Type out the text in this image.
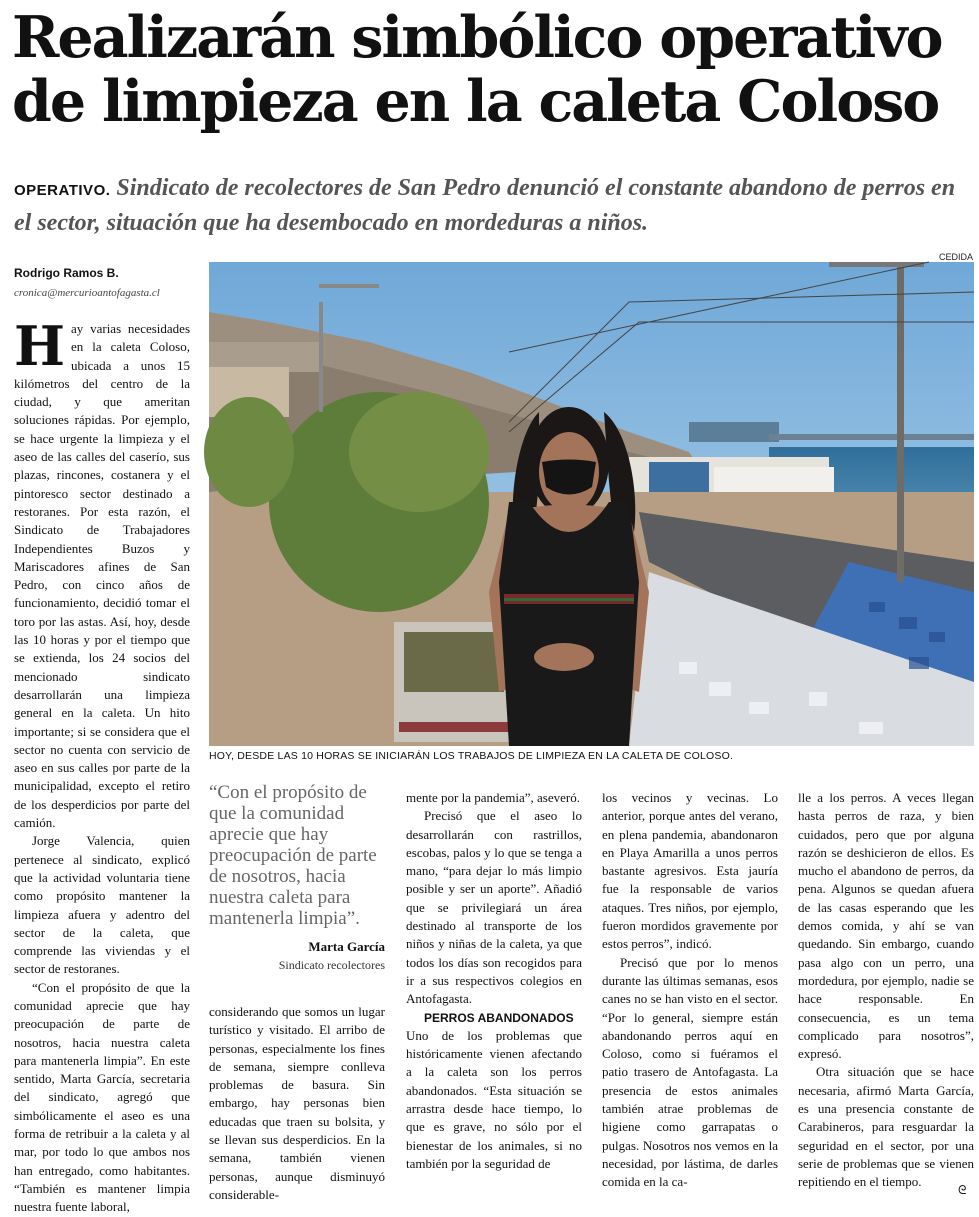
Realizarán simbólico operativo
de limpieza en la caleta Coloso

OPERATIVO. Sindicato de recolectores de San Pedro denunció el constante abandono de perros en el sector, situación que ha desembocado en mordeduras a niños.

CEDIDA
Rodrigo Ramos B.
cronica@mercurioantofagasta.cl

Hay varias necesidades en la caleta Coloso, ubicada a unos 15 kilómetros del centro de la ciudad, y que ameritan soluciones rápidas. Por ejemplo, se hace urgente la limpieza y el aseo de las calles del caserío, sus plazas, rincones, costanera y el pintoresco sector destinado a restoranes. Por esta razón, el Sindicato de Trabajadores Independientes Buzos y Mariscadores afines de San Pedro, con cinco años de funcionamiento, decidió tomar el toro por las astas. Así, hoy, desde las 10 horas y por el tiempo que se extienda, los 24 socios del mencionado sindicato desarrollarán una limpieza general en la caleta. Un hito importante; si se considera que el sector no cuenta con servicio de aseo en sus calles por parte de la municipalidad, excepto el retiro de los desperdicios por parte del camión.

Jorge Valencia, quien pertenece al sindicato, explicó que la actividad voluntaria tiene como propósito mantener la limpieza afuera y adentro del sector de la caleta, que comprende las viviendas y el sector de restoranes.

“Con el propósito de que la comunidad aprecie que hay preocupación de parte de nosotros, hacia nuestra caleta para mantenerla limpia”. En este sentido, Marta García, secretaria del sindicato, agregó que simbólicamente el aseo es una forma de retribuir a la caleta y al mar, por todo lo que ambos nos han entregado, como habitantes. “También es mantener limpia nuestra fuente laboral,

HOY, DESDE LAS 10 HORAS SE INICIARÁN LOS TRABAJOS DE LIMPIEZA EN LA CALETA DE COLOSO.

“Con el propósito de que la comunidad aprecie que hay preocupación de parte de nosotros, hacia nuestra caleta para mantenerla limpia”.

Marta García
Sindicato recolectores

considerando que somos un lugar turístico y visitado. El arribo de personas, especialmente los fines de semana, siempre conlleva problemas de basura. Sin embargo, hay personas bien educadas que traen su bolsita, y se llevan sus desperdicios. En la semana, también vienen personas, aunque disminuyó considerable-

mente por la pandemia”, aseveró.

Precisó que el aseo lo desarrollarán con rastrillos, escobas, palos y lo que se tenga a mano, “para dejar lo más limpio posible y ser un aporte”. Añadió que se privilegiará un área destinado al transporte de los niños y niñas de la caleta, ya que todos los días son recogidos para ir a sus respectivos colegios en Antofagasta.

PERROS ABANDONADOS

Uno de los problemas que históricamente vienen afectando a la caleta son los perros abandonados. “Esta situación se arrastra desde hace tiempo, lo que es grave, no sólo por el bienestar de los animales, si no también por la seguridad de

los vecinos y vecinas. Lo anterior, porque antes del verano, en plena pandemia, abandonaron en Playa Amarilla a unos perros bastante agresivos. Esta jauría fue la responsable de varios ataques. Tres niños, por ejemplo, fueron mordidos gravemente por estos perros”, indicó.

Precisó que por lo menos durante las últimas semanas, esos canes no se han visto en el sector. “Por lo general, siempre están abandonando perros aquí en Coloso, como si fuéramos el patio trasero de Antofagasta. La presencia de estos animales también atrae problemas de higiene como garrapatas o pulgas. Nosotros nos vemos en la necesidad, por lástima, de darles comida en la ca-

lle a los perros. A veces llegan hasta perros de raza, y bien cuidados, pero que por alguna razón se deshicieron de ellos. Es mucho el abandono de perros, da pena. Algunos se quedan afuera de las casas esperando que les demos comida, y ahí se van quedando. Sin embargo, cuando pasa algo con un perro, una mordedura, por ejemplo, nadie se hace responsable. En consecuencia, es un tema complicado para nosotros”, expresó.

Otra situación que se hace necesaria, afirmó Marta García, es una presencia constante de Carabineros, para resguardar la seguridad en el sector, por una serie de problemas que se vienen repitiendo en el tiempo.

ᘓ
